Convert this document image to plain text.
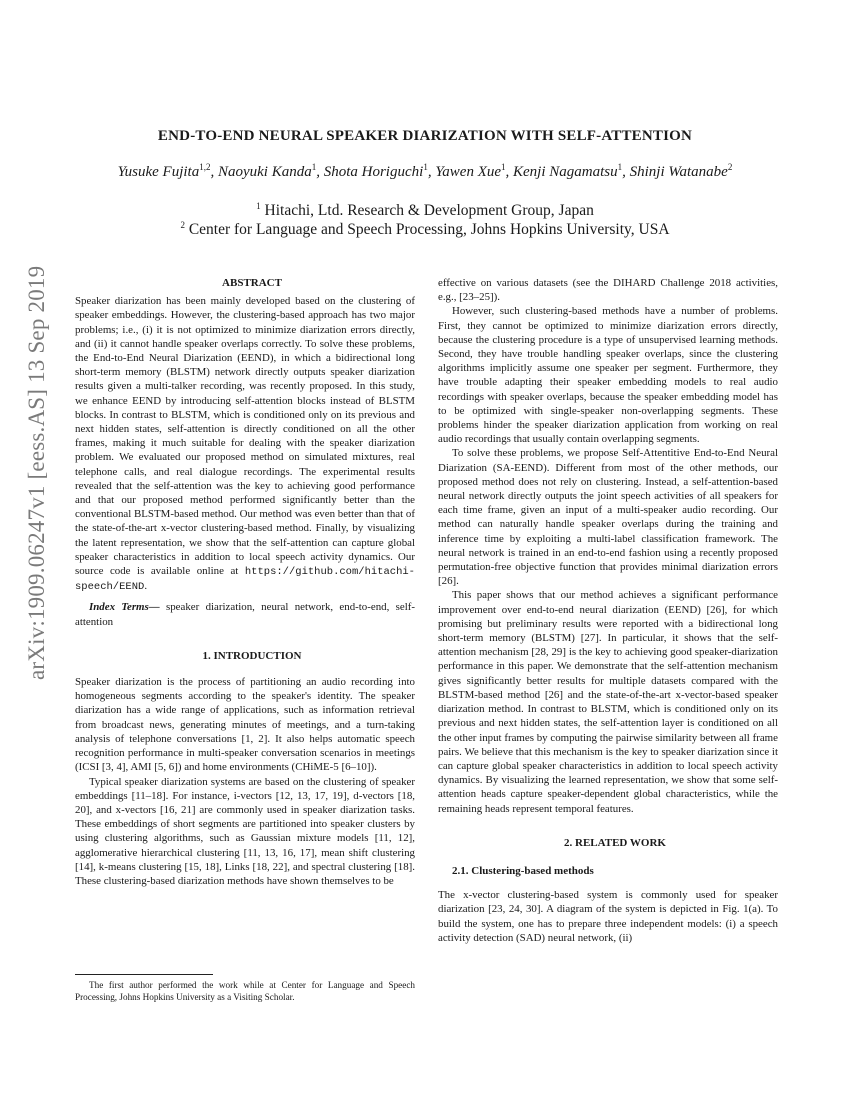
arXiv:1909.06247v1 [eess.AS] 13 Sep 2019
END-TO-END NEURAL SPEAKER DIARIZATION WITH SELF-ATTENTION
Yusuke Fujita$^{1,2}$, Naoyuki Kanda$^1$, Shota Horiguchi$^1$, Yawen Xue$^1$, Kenji Nagamatsu$^1$, Shinji Watanabe$^2$
$^1$ Hitachi, Ltd. Research & Development Group, Japan
$^2$ Center for Language and Speech Processing, Johns Hopkins University, USA

ABSTRACT

Speaker diarization has been mainly developed based on the clustering of speaker embeddings. However, the clustering-based approach has two major problems; i.e., (i) it is not optimized to minimize diarization errors directly, and (ii) it cannot handle speaker overlaps correctly. To solve these problems, the End-to-End Neural Diarization (EEND), in which a bidirectional long short-term memory (BLSTM) network directly outputs speaker diarization results given a multi-talker recording, was recently proposed. In this study, we enhance EEND by introducing self-attention blocks instead of BLSTM blocks. In contrast to BLSTM, which is conditioned only on its previous and next hidden states, self-attention is directly conditioned on all the other frames, making it much suitable for dealing with the speaker diarization problem. We evaluated our proposed method on simulated mixtures, real telephone calls, and real dialogue recordings. The experimental results revealed that the self-attention was the key to achieving good performance and that our proposed method performed significantly better than the conventional BLSTM-based method. Our method was even better than that of the state-of-the-art x-vector clustering-based method. Finally, by visualizing the latent representation, we show that the self-attention can capture global speaker characteristics in addition to local speech activity dynamics. Our source code is available online at https://github.com/hitachi-speech/EEND.

Index Terms— speaker diarization, neural network, end-to-end, self-attention

1. INTRODUCTION

Speaker diarization is the process of partitioning an audio recording into homogeneous segments according to the speaker's identity. The speaker diarization has a wide range of applications, such as information retrieval from broadcast news, generating minutes of meetings, and a turn-taking analysis of telephone conversations [1, 2]. It also helps automatic speech recognition performance in multi-speaker conversation scenarios in meetings (ICSI [3, 4], AMI [5, 6]) and home environments (CHiME-5 [6–10]).

Typical speaker diarization systems are based on the clustering of speaker embeddings [11–18]. For instance, i-vectors [12, 13, 17, 19], d-vectors [18, 20], and x-vectors [16, 21] are commonly used in speaker diarization tasks. These embeddings of short segments are partitioned into speaker clusters by using clustering algorithms, such as Gaussian mixture models [11, 12], agglomerative hierarchical clustering [11, 13, 16, 17], mean shift clustering [14], k-means clustering [15, 18], Links [18, 22], and spectral clustering [18]. These clustering-based diarization methods have shown themselves to be

The first author performed the work while at Center for Language and Speech Processing, Johns Hopkins University as a Visiting Scholar.

effective on various datasets (see the DIHARD Challenge 2018 activities, e.g., [23–25]).

However, such clustering-based methods have a number of problems. First, they cannot be optimized to minimize diarization errors directly, because the clustering procedure is a type of unsupervised learning methods. Second, they have trouble handling speaker overlaps, since the clustering algorithms implicitly assume one speaker per segment. Furthermore, they have trouble adapting their speaker embedding models to real audio recordings with speaker overlaps, because the speaker embedding model has to be optimized with single-speaker non-overlapping segments. These problems hinder the speaker diarization application from working on real audio recordings that usually contain overlapping segments.

To solve these problems, we propose Self-Attentitive End-to-End Neural Diarization (SA-EEND). Different from most of the other methods, our proposed method does not rely on clustering. Instead, a self-attention-based neural network directly outputs the joint speech activities of all speakers for each time frame, given an input of a multi-speaker audio recording. Our method can naturally handle speaker overlaps during the training and inference time by exploiting a multi-label classification framework. The neural network is trained in an end-to-end fashion using a recently proposed permutation-free objective function that provides minimal diarization errors [26].

This paper shows that our method achieves a significant performance improvement over end-to-end neural diarization (EEND) [26], for which promising but preliminary results were reported with a bidirectional long short-term memory (BLSTM) [27]. In particular, it shows that the self-attention mechanism [28, 29] is the key to achieving good speaker-diarization performance in this paper. We demonstrate that the self-attention mechanism gives significantly better results for multiple datasets compared with the BLSTM-based method [26] and the state-of-the-art x-vector-based speaker diarization method. In contrast to BLSTM, which is conditioned only on its previous and next hidden states, the self-attention layer is conditioned on all the other input frames by computing the pairwise similarity between all frame pairs. We believe that this mechanism is the key to speaker diarization since it can capture global speaker characteristics in addition to local speech activity dynamics. By visualizing the learned representation, we show that some self-attention heads capture speaker-dependent global characteristics, while the remaining heads represent temporal features.

2. RELATED WORK

2.1. Clustering-based methods

The x-vector clustering-based system is commonly used for speaker diarization [23, 24, 30]. A diagram of the system is depicted in Fig. 1(a). To build the system, one has to prepare three independent models: (i) a speech activity detection (SAD) neural network, (ii)
